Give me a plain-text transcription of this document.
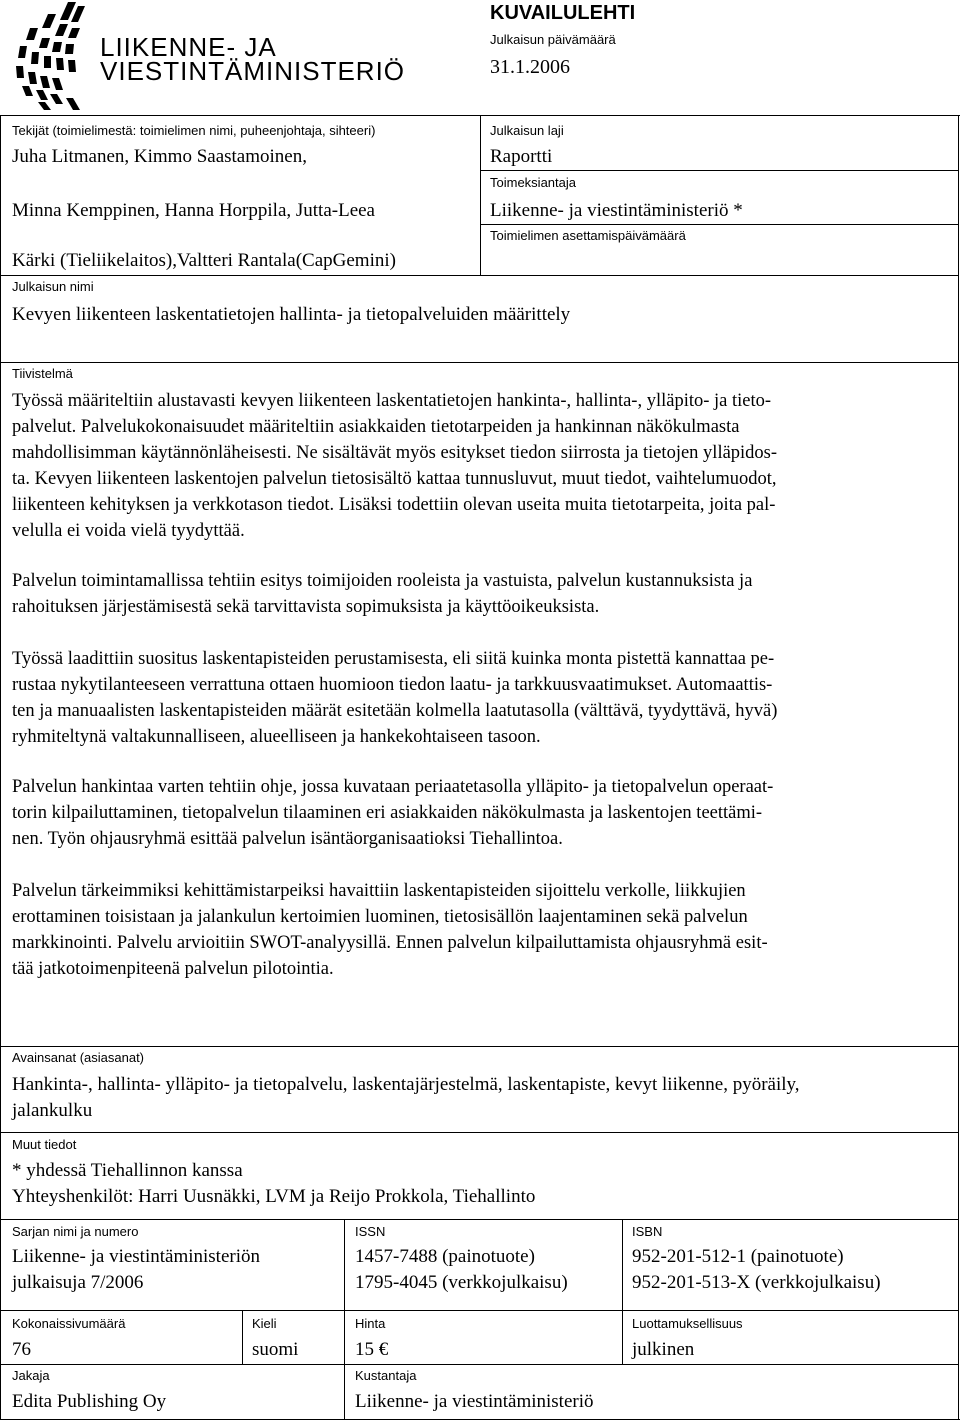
LIIKENNE- JA
VIESTINTÄMINISTERIÖ
KUVAILULEHTI
Julkaisun päivämäärä
31.1.2006
Tekijät (toimielimestä: toimielimen nimi, puheenjohtaja, sihteeri)
Juha Litmanen, Kimmo Saastamoinen,
Minna Kemppinen, Hanna Horppila, Jutta-Leea
Kärki (Tieliikelaitos),Valtteri Rantala(CapGemini)
Julkaisun laji
Raportti
Toimeksiantaja
Liikenne- ja viestintäministeriö *
Toimielimen asettamispäivämäärä
Julkaisun nimi
Kevyen liikenteen laskentatietojen hallinta- ja tietopalveluiden määrittely
Tiivistelmä
Työssä määriteltiin alustavasti kevyen liikenteen laskentatietojen hankinta-, hallinta-, ylläpito- ja tieto-
palvelut. Palvelukokonaisuudet määriteltiin asiakkaiden tietotarpeiden ja hankinnan näkökulmasta
mahdollisimman käytännönläheisesti. Ne sisältävät myös esitykset tiedon siirrosta ja tietojen ylläpidos-
ta. Kevyen liikenteen laskentojen palvelun tietosisältö kattaa tunnusluvut, muut tiedot, vaihtelumuodot,
liikenteen kehityksen ja verkkotason tiedot. Lisäksi todettiin olevan useita muita tietotarpeita, joita pal-
velulla ei voida vielä tyydyttää.
Palvelun toimintamallissa tehtiin esitys toimijoiden rooleista ja vastuista, palvelun kustannuksista ja
rahoituksen järjestämisestä sekä tarvittavista sopimuksista ja käyttöoikeuksista.
Työssä laadittiin suositus laskentapisteiden perustamisesta, eli siitä kuinka monta pistettä kannattaa pe-
rustaa nykytilanteeseen verrattuna ottaen huomioon tiedon laatu- ja tarkkuusvaatimukset. Automaattis-
ten ja manuaalisten laskentapisteiden määrät esitetään kolmella laatutasolla (välttävä, tyydyttävä, hyvä)
ryhmiteltynä valtakunnalliseen, alueelliseen ja hankekohtaiseen tasoon.
Palvelun hankintaa varten tehtiin ohje, jossa kuvataan periaatetasolla ylläpito- ja tietopalvelun operaat-
torin kilpailuttaminen, tietopalvelun tilaaminen eri asiakkaiden näkökulmasta ja laskentojen teettämi-
nen. Työn ohjausryhmä esittää palvelun isäntäorganisaatioksi Tiehallintoa.
Palvelun tärkeimmiksi kehittämistarpeiksi havaittiin laskentapisteiden sijoittelu verkolle, liikkujien
erottaminen toisistaan ja jalankulun kertoimien luominen, tietosisällön laajentaminen sekä palvelun
markkinointi. Palvelu arvioitiin SWOT-analyysillä. Ennen palvelun kilpailuttamista ohjausryhmä esit-
tää jatkotoimenpiteenä palvelun pilotointia.
Avainsanat (asiasanat)
Hankinta-, hallinta- ylläpito- ja tietopalvelu, laskentajärjestelmä, laskentapiste, kevyt liikenne, pyöräily,
jalankulku
Muut tiedot
* yhdessä Tiehallinnon kanssa
Yhteyshenkilöt: Harri Uusnäkki, LVM ja Reijo Prokkola, Tiehallinto
Sarjan nimi ja numero
Liikenne- ja viestintäministeriön
julkaisuja 7/2006
ISSN
1457-7488 (painotuote)
1795-4045 (verkkojulkaisu)
ISBN
952-201-512-1 (painotuote)
952-201-513-X (verkkojulkaisu)
Kokonaissivumäärä
76
Kieli
suomi
Hinta
15 €
Luottamuksellisuus
julkinen
Jakaja
Edita Publishing Oy
Kustantaja
Liikenne- ja viestintäministeriö
